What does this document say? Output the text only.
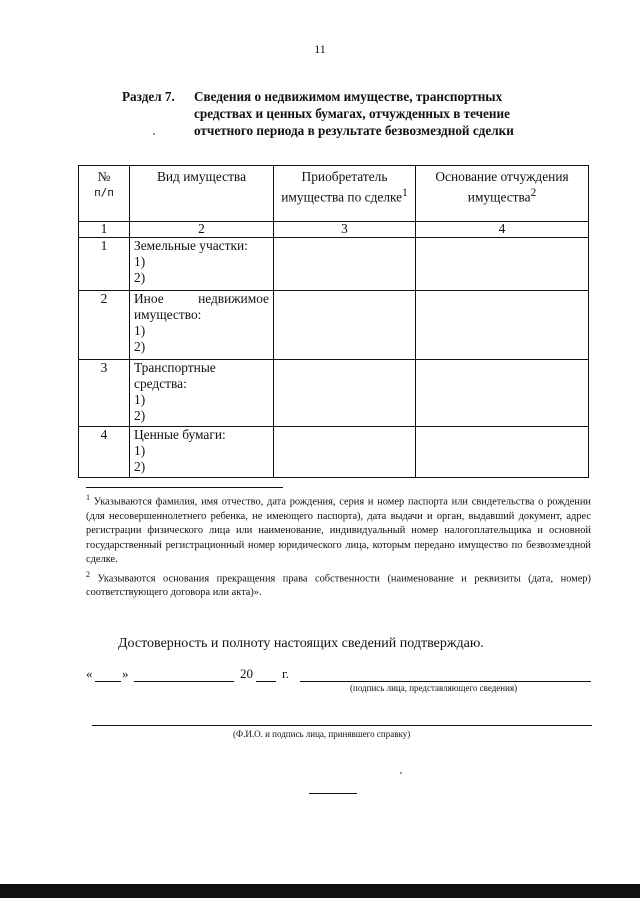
11
Раздел 7. Сведения о недвижимом имуществе, транспортных
средствах и ценных бумагах, отчужденных в течение
отчетного периода в результате безвозмездной сделки
№
п/п	Вид имущества	Приобретатель имущества по сделке$^1$	Основание отчуждения имущества$^2$
1	2	3	4
1	Земельные участки:
1)
2)		

2	Иное недвижимое
имущество:
1)
2)		

3	Транспортные
средства:
1)
2)		

4	Ценные бумаги:
1)
2)		

$^1$ Указываются фамилия, имя отчество, дата рождения, серия и номер паспорта или свидетельства о рождении (для несовершеннолетнего ребенка, не имеющего паспорта), дата выдачи и орган, выдавший документ, адрес регистрации физического лица или наименование, индивидуальный номер налогоплательщика и основной государственный регистрационный номер юридического лица, которым передано имущество по безвозмездной сделке.

$^2$ Указываются основания прекращения права собственности (наименование и реквизиты (дата, номер) соответствующего договора или акта)».

Достоверность и полноту настоящих сведений подтверждаю.
« »	20 г.
(подпись лица, представляющего сведения)
(Ф.И.О. и подпись лица, принявшего справку)
